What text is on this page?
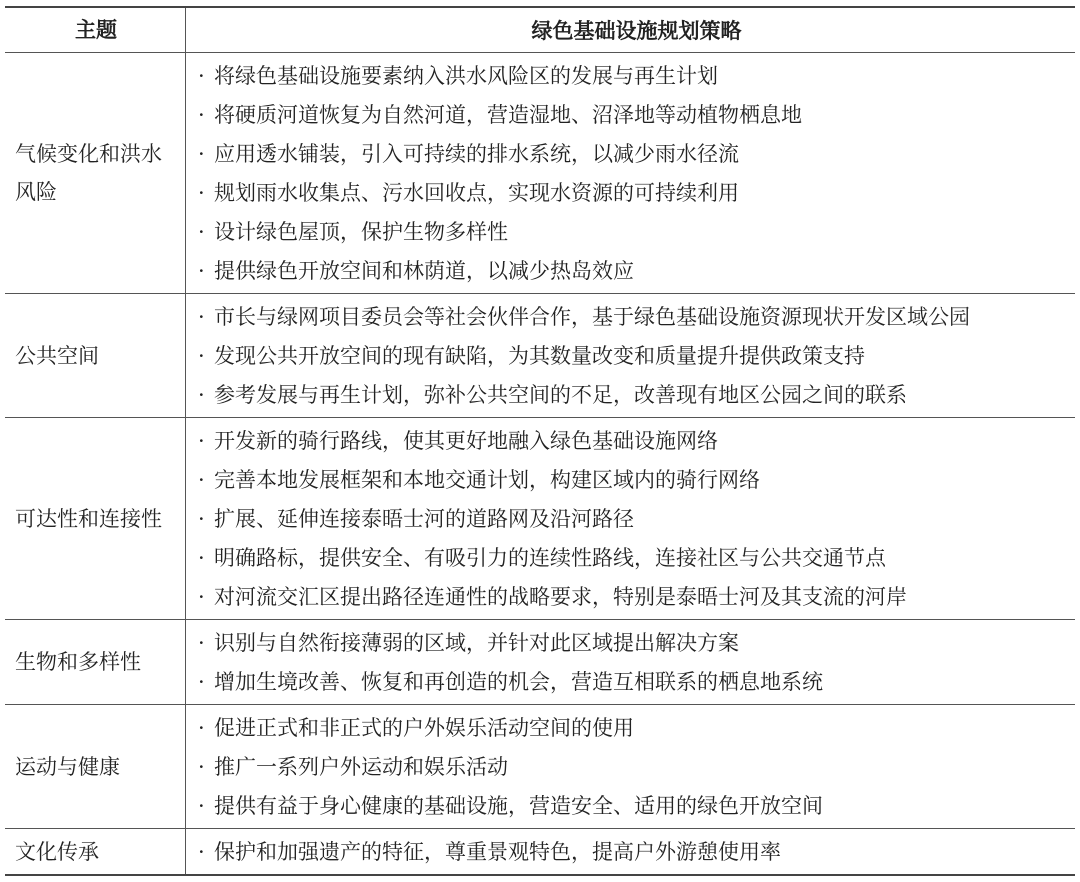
主题	绿色基础设施规划策略
气候变化和洪水风险
· 将绿色基础设施要素纳入洪水风险区的发展与再生计划
· 将硬质河道恢复为自然河道，营造湿地、沼泽地等动植物栖息地
· 应用透水铺装，引入可持续的排水系统，以减少雨水径流
· 规划雨水收集点、污水回收点，实现水资源的可持续利用
· 设计绿色屋顶，保护生物多样性
· 提供绿色开放空间和林荫道，以减少热岛效应
公共空间
· 市长与绿网项目委员会等社会伙伴合作，基于绿色基础设施资源现状开发区域公园
· 发现公共开放空间的现有缺陷，为其数量改变和质量提升提供政策支持
· 参考发展与再生计划，弥补公共空间的不足，改善现有地区公园之间的联系
可达性和连接性
· 开发新的骑行路线，使其更好地融入绿色基础设施网络
· 完善本地发展框架和本地交通计划，构建区域内的骑行网络
· 扩展、延伸连接泰晤士河的道路网及沿河路径
· 明确路标，提供安全、有吸引力的连续性路线，连接社区与公共交通节点
· 对河流交汇区提出路径连通性的战略要求，特别是泰晤士河及其支流的河岸
生物和多样性
· 识别与自然衔接薄弱的区域，并针对此区域提出解决方案
· 增加生境改善、恢复和再创造的机会，营造互相联系的栖息地系统
运动与健康
· 促进正式和非正式的户外娱乐活动空间的使用
· 推广一系列户外运动和娱乐活动
· 提供有益于身心健康的基础设施，营造安全、适用的绿色开放空间
文化传承	· 保护和加强遗产的特征，尊重景观特色，提高户外游憩使用率
